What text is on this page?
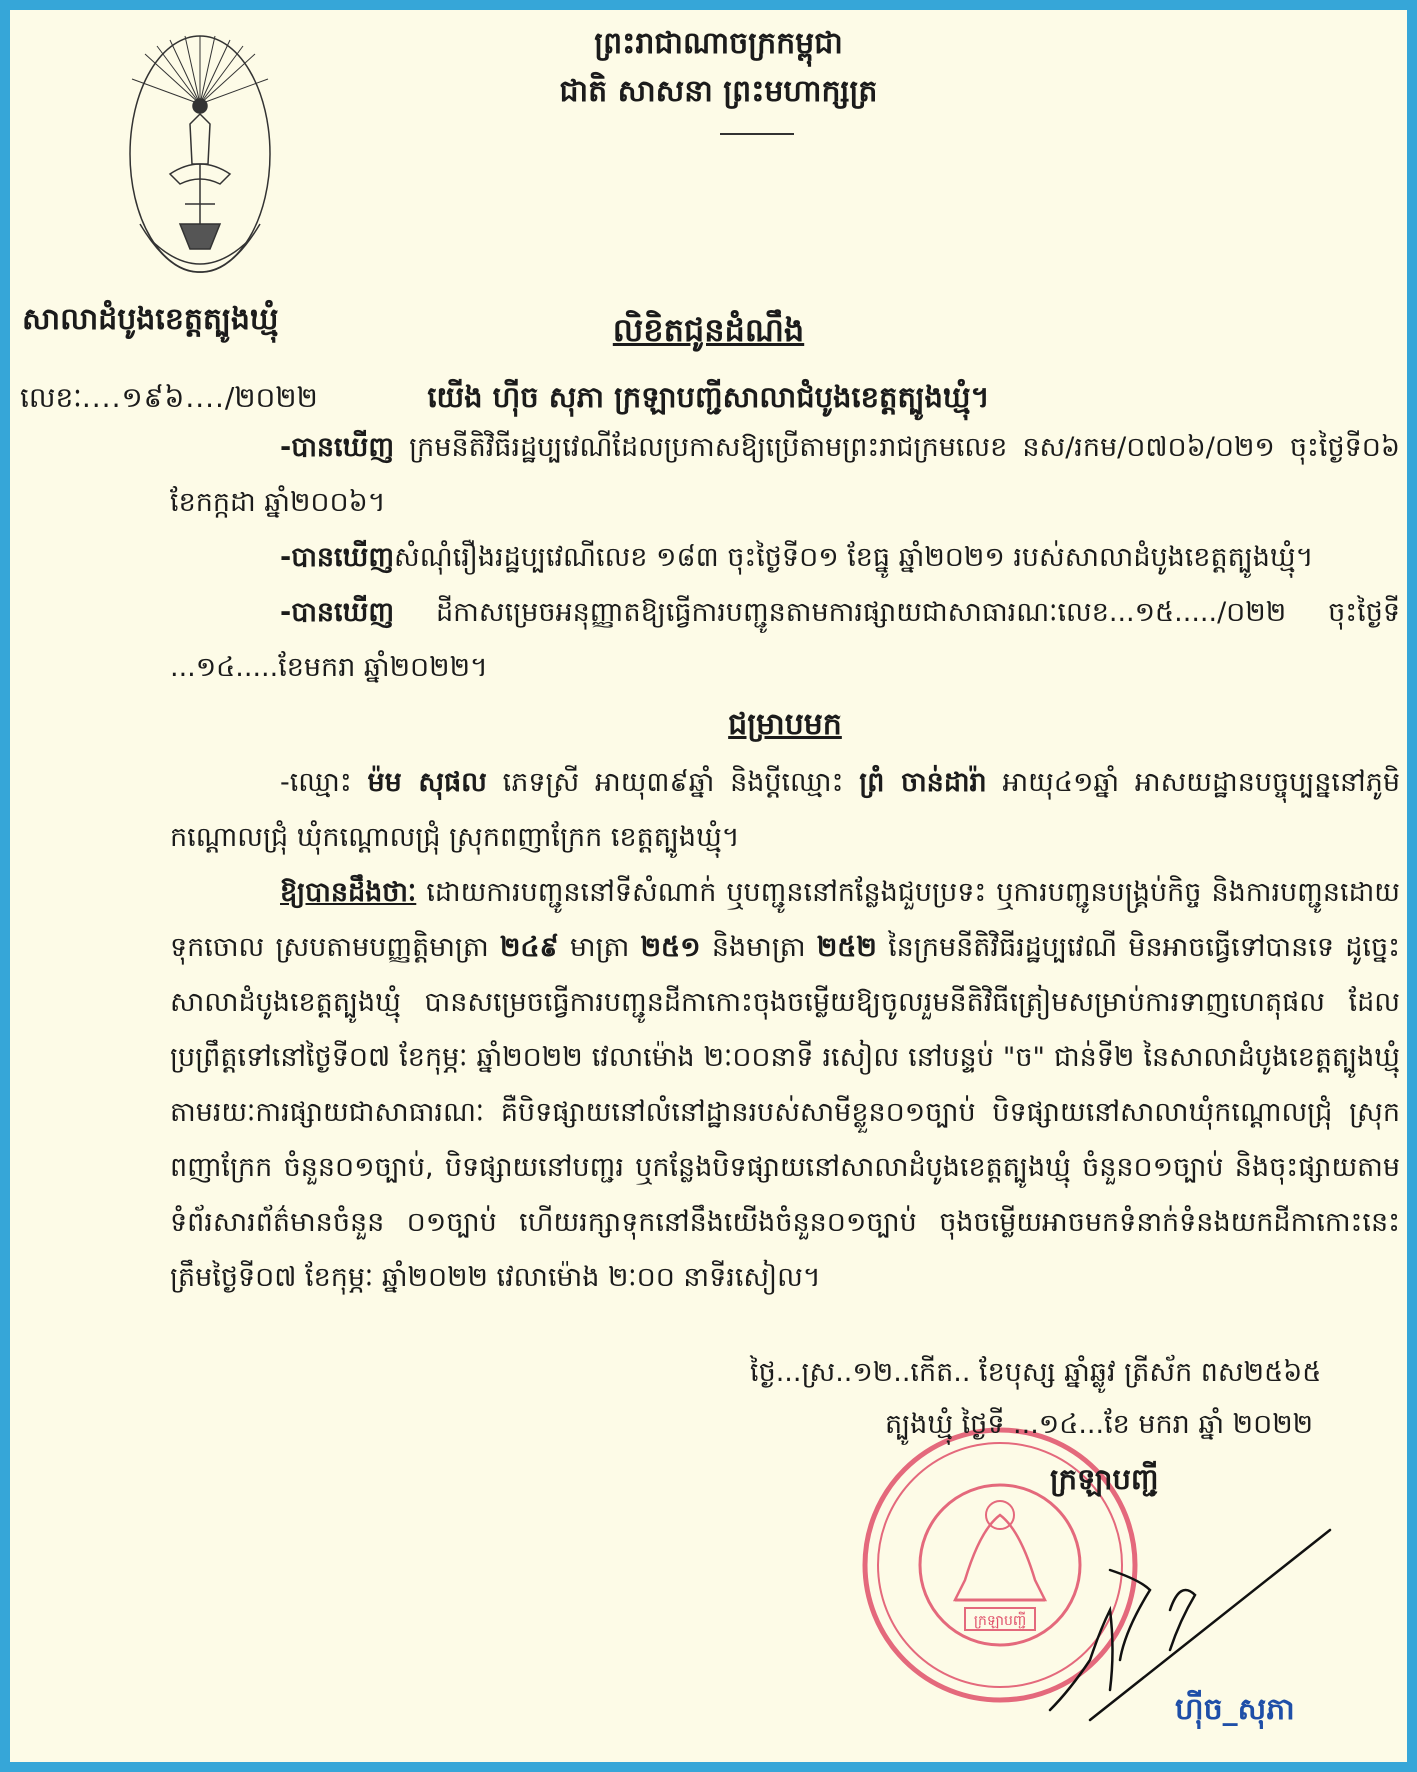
ព្រះរាជាណាចក្រកម្ពុជា
ជាតិ សាសនា ព្រះមហាក្សត្រ
សាលាដំបូងខេត្តត្បូងឃ្មុំ
លេខៈ....១៩៦..../២០២២
លិខិតជូនដំណឹង
យើង ហ៊ីច សុភា ក្រឡាបញ្ជីសាលាជំបូងខេត្តត្បូងឃ្មុំ។

-បានឃើញ ក្រមនីតិវិធីរដ្ឋប្បវេណីដែលប្រកាសឱ្យប្រើតាមព្រះរាជក្រមលេខ នស/រកម/០៧០៦/០២១ ចុះថ្ងៃទី០៦ ខែកក្កដា ឆ្នាំ២០០៦។

-បានឃើញសំណុំរឿងរដ្ឋប្បវេណីលេខ ១៨៣ ចុះថ្ងៃទី០១ ខែធ្នូ ឆ្នាំ២០២១ របស់សាលាដំបូងខេត្តត្បូងឃ្មុំ។

-បានឃើញ ដីកាសម្រេចអនុញ្ញាតឱ្យធ្វើការបញ្ជូនតាមការផ្សាយជាសាធារណៈលេខ...១៥...../០២២ ចុះថ្ងៃទី ...១៤.....ខែមករា ឆ្នាំ២០២២។

ជម្រាបមក

-ឈ្មោះ ម៉ម សុផល ភេទស្រី អាយុ៣៩ឆ្នាំ និងប្តីឈ្មោះ ព្រំ ចាន់ដារ៉ា អាយុ៤១ឆ្នាំ អាសយដ្ឋានបច្ចុប្បន្ននៅភូមិកណ្តោលជ្រុំ ឃុំកណ្តោលជ្រុំ ស្រុកពញាក្រែក ខេត្តត្បូងឃ្មុំ។

ឱ្យបានដឹងថាៈ ដោយការបញ្ជូននៅទីសំណាក់ ឬបញ្ជូននៅកន្លែងជួបប្រទះ ឬការបញ្ជូនបង្គ្រប់កិច្ច និងការបញ្ជូនដោយទុកចោល ស្របតាមបញ្ញត្តិមាត្រា ២៤៩ មាត្រា ២៥១ និងមាត្រា ២៥២ នៃក្រមនីតិវិធីរដ្ឋប្បវេណី មិនអាចធ្វើទៅបានទេ ដូច្នេះសាលាដំបូងខេត្តត្បូងឃ្មុំ បានសម្រេចធ្វើការបញ្ជូនដីកាកោះចុងចម្លើយឱ្យចូលរួមនីតិវិធីត្រៀមសម្រាប់ការទាញហេតុផល ដែលប្រព្រឹត្តទៅនៅថ្ងៃទី០៧ ខែកុម្ភៈ ឆ្នាំ២០២២ វេលាម៉ោង ២ៈ០០នាទី រសៀល នៅបន្ទប់ "ច" ជាន់ទី២ នៃសាលាដំបូងខេត្តត្បូងឃ្មុំ តាមរយៈការផ្សាយជាសាធារណៈ គឺបិទផ្សាយនៅលំនៅដ្ឋានរបស់សាមីខ្លួន០១ច្បាប់ បិទផ្សាយនៅសាលាឃុំកណ្តោលជ្រុំ ស្រុកពញាក្រែក ចំនួន០១ច្បាប់, បិទផ្សាយនៅបញ្ជរ ឬកន្លែងបិទផ្សាយនៅសាលាដំបូងខេត្តត្បូងឃ្មុំ ចំនួន០១ច្បាប់ និងចុះផ្សាយតាមទំព័រសារព័ត៌មានចំនួន ០១ច្បាប់ ហើយរក្សាទុកនៅនឹងយើងចំនួន០១ច្បាប់ ចុងចម្លើយអាចមកទំនាក់ទំនងយកដីកាកោះនេះ ត្រឹមថ្ងៃទី០៧ ខែកុម្ភៈ ឆ្នាំ២០២២ វេលាម៉ោង ២ៈ០០ នាទីរសៀល។

ថ្ងៃ...ស្រ..១២..កើត.. ខែបុស្ស ឆ្នាំឆ្លូវ ត្រីស័ក ពស២៥៦៥
ក្រឡាបញ្ជី
ត្បូងឃ្មុំ ថ្ងៃទី ...១៤...ខែ មករា ឆ្នាំ ២០២២
ក្រឡាបញ្ជី
ហ៊ីច_សុភា
